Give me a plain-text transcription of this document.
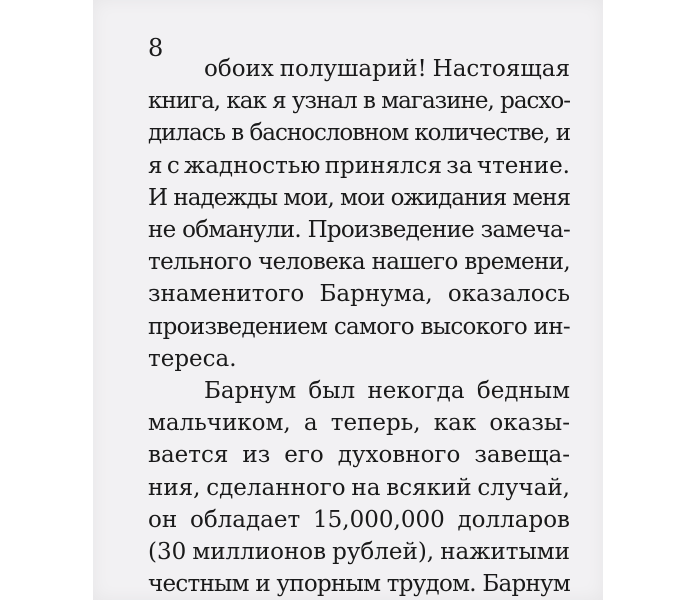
8
обоих полушарий! Настоящая
книга, как я узнал в магазине, расхо-
дилась в баснословном количестве, и
я с жадностью принялся за чтение.
И надежды мои, мои ожидания меня
не обманули. Произведение замеча-
тельного человека нашего времени,
знаменитого Барнума, оказалось
произведением самого высокого ин-
тереса.
Барнум был некогда бедным
мальчиком, а теперь, как оказы-
вается из его духовного завеща-
ния, сделанного на всякий случай,
он обладает 15,000,000 долларов
(30 миллионов рублей), нажитыми
честным и упорным трудом. Барнум
